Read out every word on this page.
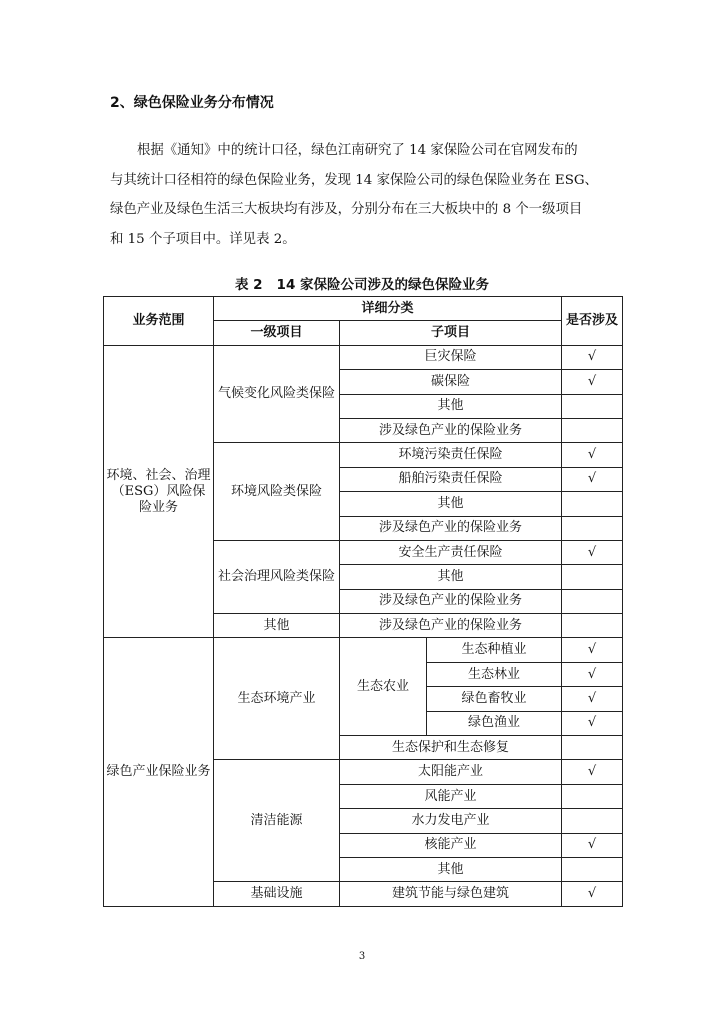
2、绿色保险业务分布情况
根据《通知》中的统计口径，绿色江南研究了 14 家保险公司在官网发布的
与其统计口径相符的绿色保险业务，发现 14 家保险公司的绿色保险业务在 ESG、
绿色产业及绿色生活三大板块均有涉及，分别分布在三大板块中的 8 个一级项目
和 15 个子项目中。详见表 2。
表 2 14 家保险公司涉及的绿色保险业务
业务范围	详细分类			是否涉及
	一级项目	子项目		
环境、社会、治理（ESG）风险保险业务	气候变化风险类保险	巨灾保险		√
		碳保险		√
		其他		
		涉及绿色产业的保险业务		
	环境风险类保险	环境污染责任保险		√
		船舶污染责任保险		√
		其他		
		涉及绿色产业的保险业务		
	社会治理风险类保险	安全生产责任保险		√
		其他		
		涉及绿色产业的保险业务		
	其他	涉及绿色产业的保险业务		
绿色产业保险业务	生态环境产业	生态农业	生态种植业	√
			生态林业	√
			绿色畜牧业	√
			绿色渔业	√
		生态保护和生态修复		
	清洁能源	太阳能产业		√
		风能产业		
		水力发电产业		
		核能产业		√
		其他		
	基础设施	建筑节能与绿色建筑		√
3
